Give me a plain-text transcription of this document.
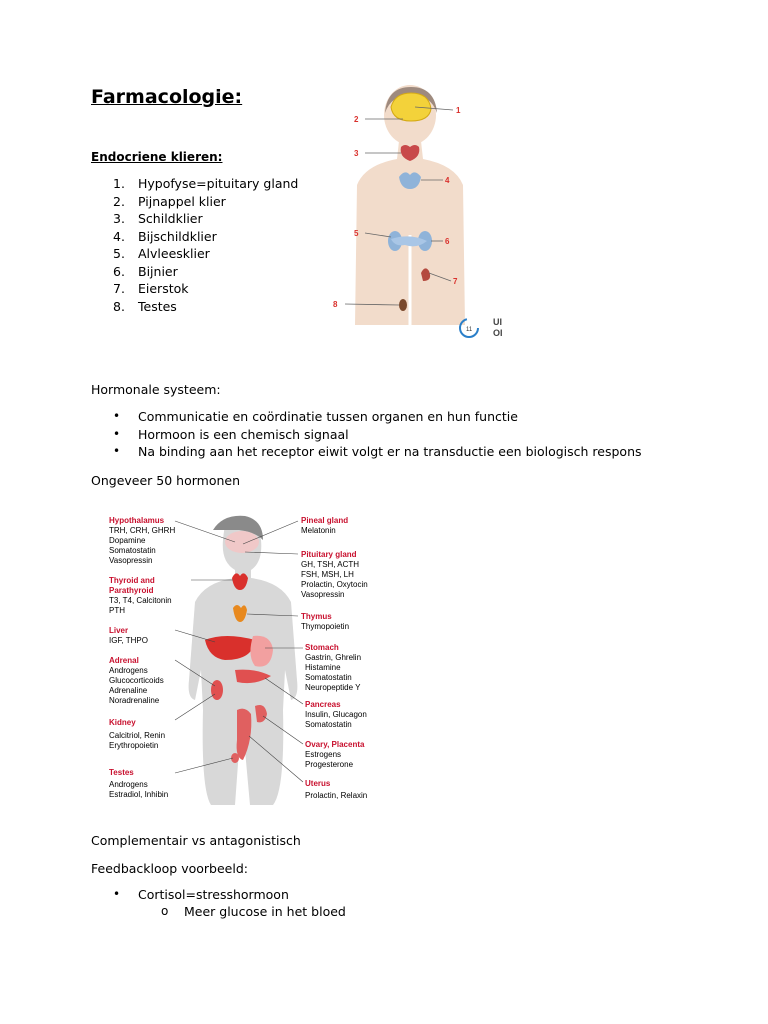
Farmacologie:
Endocriene klieren:
1. Hypofyse=pituitary gland
2. Pijnappel klier
3. Schildklier
4. Bijschildklier
5. Alvleesklier
6. Bijnier
7. Eierstok
8. Testes
1
2
3
4
5
6
7
8
11
UI
OI
Hormonale systeem:
• Communicatie en coördinatie tussen organen en hun functie
• Hormoon is een chemisch signaal
• Na binding aan het receptor eiwit volgt er na transductie een biologisch respons
Ongeveer 50 hormonen
Hypothalamus
TRH, CRH, GHRH
Dopamine
Somatostatin
Vasopressin
Thyroid and
Parathyroid
T3, T4, Calcitonin
PTH
Liver
IGF, THPO
Adrenal
Androgens
Glucocorticoids
Adrenaline
Noradrenaline
Kidney
Calcitriol, Renin
Erythropoietin
Testes
Androgens
Estradiol, Inhibin
Pineal gland
Melatonin
Pituitary gland
GH, TSH, ACTH
FSH, MSH, LH
Prolactin, Oxytocin
Vasopressin
Thymus
Thymopoietin
Stomach
Gastrin, Ghrelin
Histamine
Somatostatin
Neuropeptide Y
Pancreas
Insulin, Glucagon
Somatostatin
Ovary, Placenta
Estrogens
Progesterone
Uterus
Prolactin, Relaxin
Complementair vs antagonistisch
Feedbackloop voorbeeld:
• Cortisol=stresshormoon
o Meer glucose in het bloed
